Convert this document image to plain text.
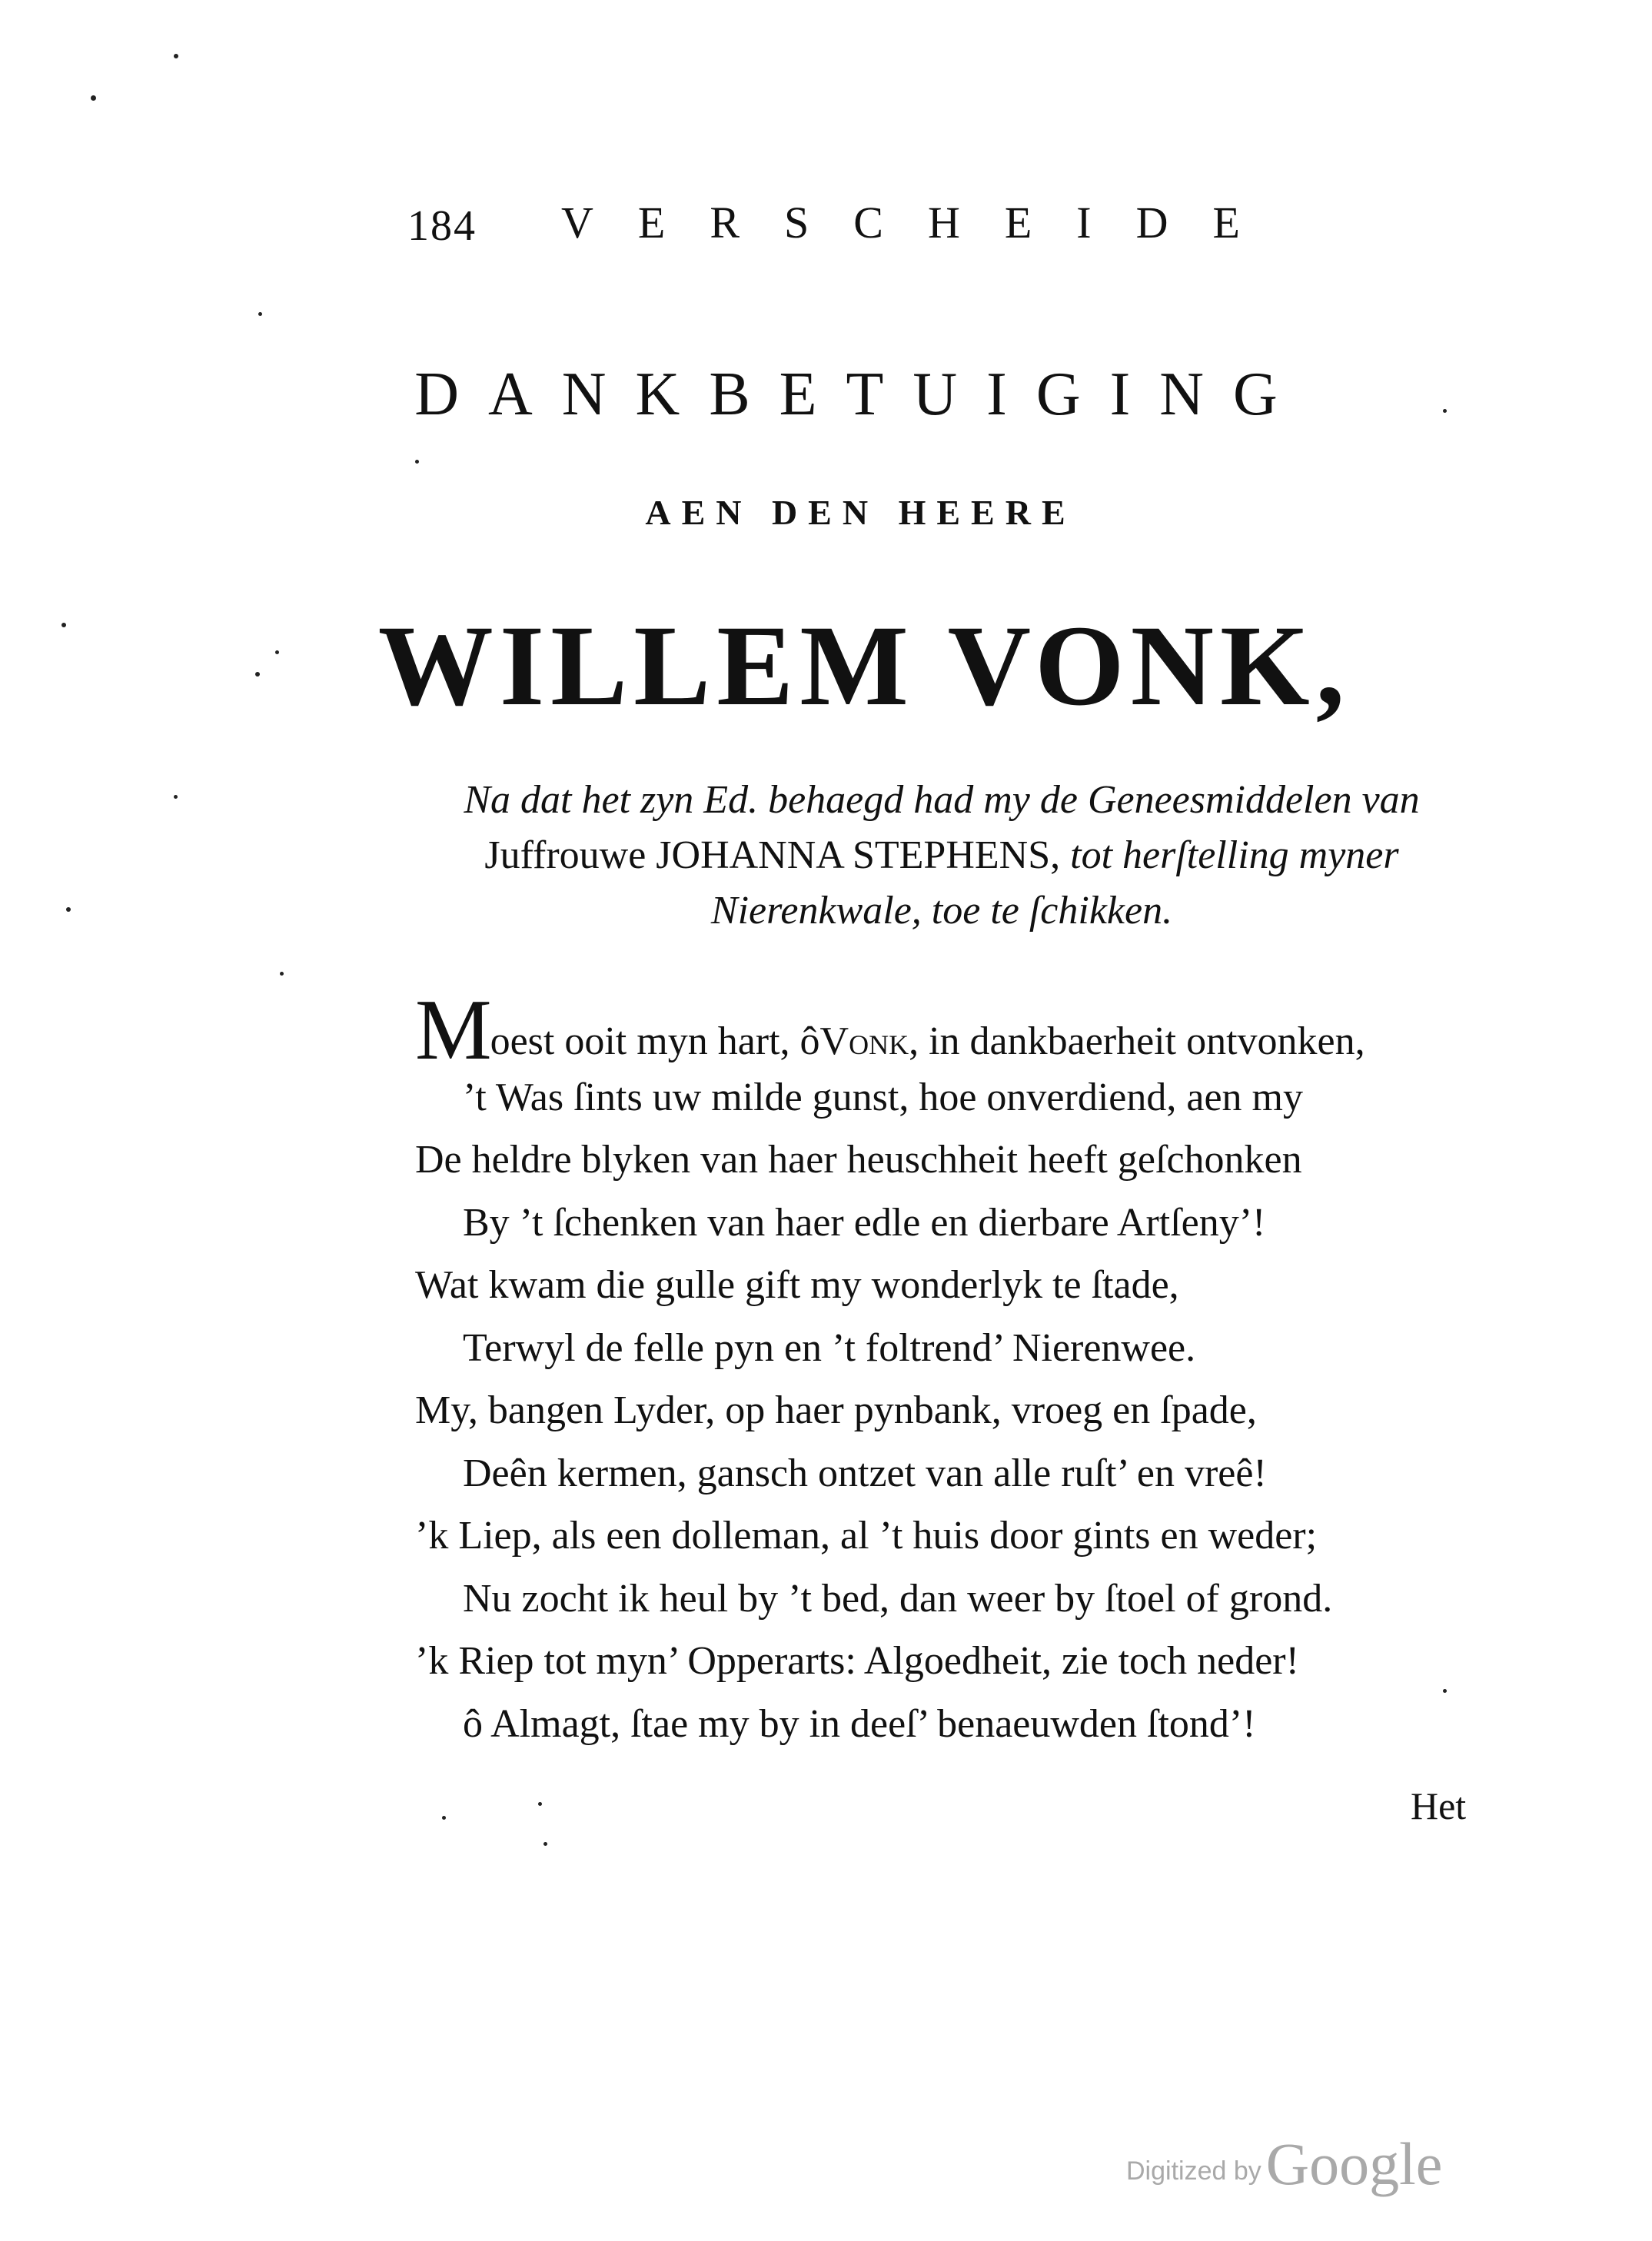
184 VERSCHEIDE
DANKBETUIGING
AEN DEN HEERE
WILLEM VONK,
Na dat het zyn Ed. behaegd had my de Geneesmiddelen van Juffrouwe JOHANNA STEPHENS, tot herſtelling myner Nierenkwale, toe te ſchikken.
Moest ooit myn hart, ôVonk, in dankbaerheit ontvonken,
’t Was ſints uw milde gunst, hoe onverdiend, aen my
De heldre blyken van haer heuschheit heeft geſchonken
By ’t ſchenken van haer edle en dierbare Artſeny’!
Wat kwam die gulle gift my wonderlyk te ſtade,
Terwyl de felle pyn en ’t foltrend’ Nierenwee.
My, bangen Lyder, op haer pynbank, vroeg en ſpade,
Deên kermen, gansch ontzet van alle ruſt’ en vreê!
’k Liep, als een dolleman, al ’t huis door gints en weder;
Nu zocht ik heul by ’t bed, dan weer by ſtoel of grond.
’k Riep tot myn’ Opperarts: Algoedheit, zie toch neder!
ô Almagt, ſtae my by in deeſ’ benaeuwden ſtond’!
Het
Digitized byGoogle
